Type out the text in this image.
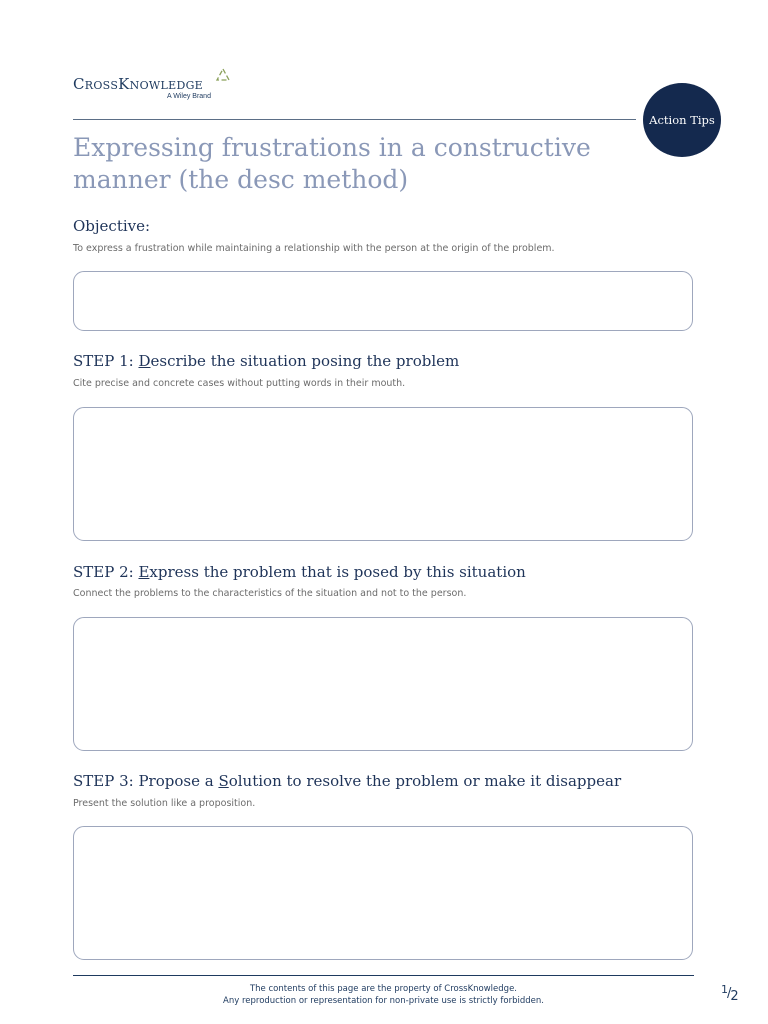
CrossKnowledge
A Wiley Brand
Action Tips
Expressing frustrations in a constructive manner (the desc method)
Objective:

To express a frustration while maintaining a relationship with the person at the origin of the problem.

STEP 1: Describe the situation posing the problem

Cite precise and concrete cases without putting words in their mouth.

STEP 2: Express the problem that is posed by this situation

Connect the problems to the characteristics of the situation and not to the person.

STEP 3: Propose a Solution to resolve the problem or make it disappear

Present the solution like a proposition.

The contents of this page are the property of CrossKnowledge.
Any reproduction or representation for non-private use is strictly forbidden.
$^1$/2
